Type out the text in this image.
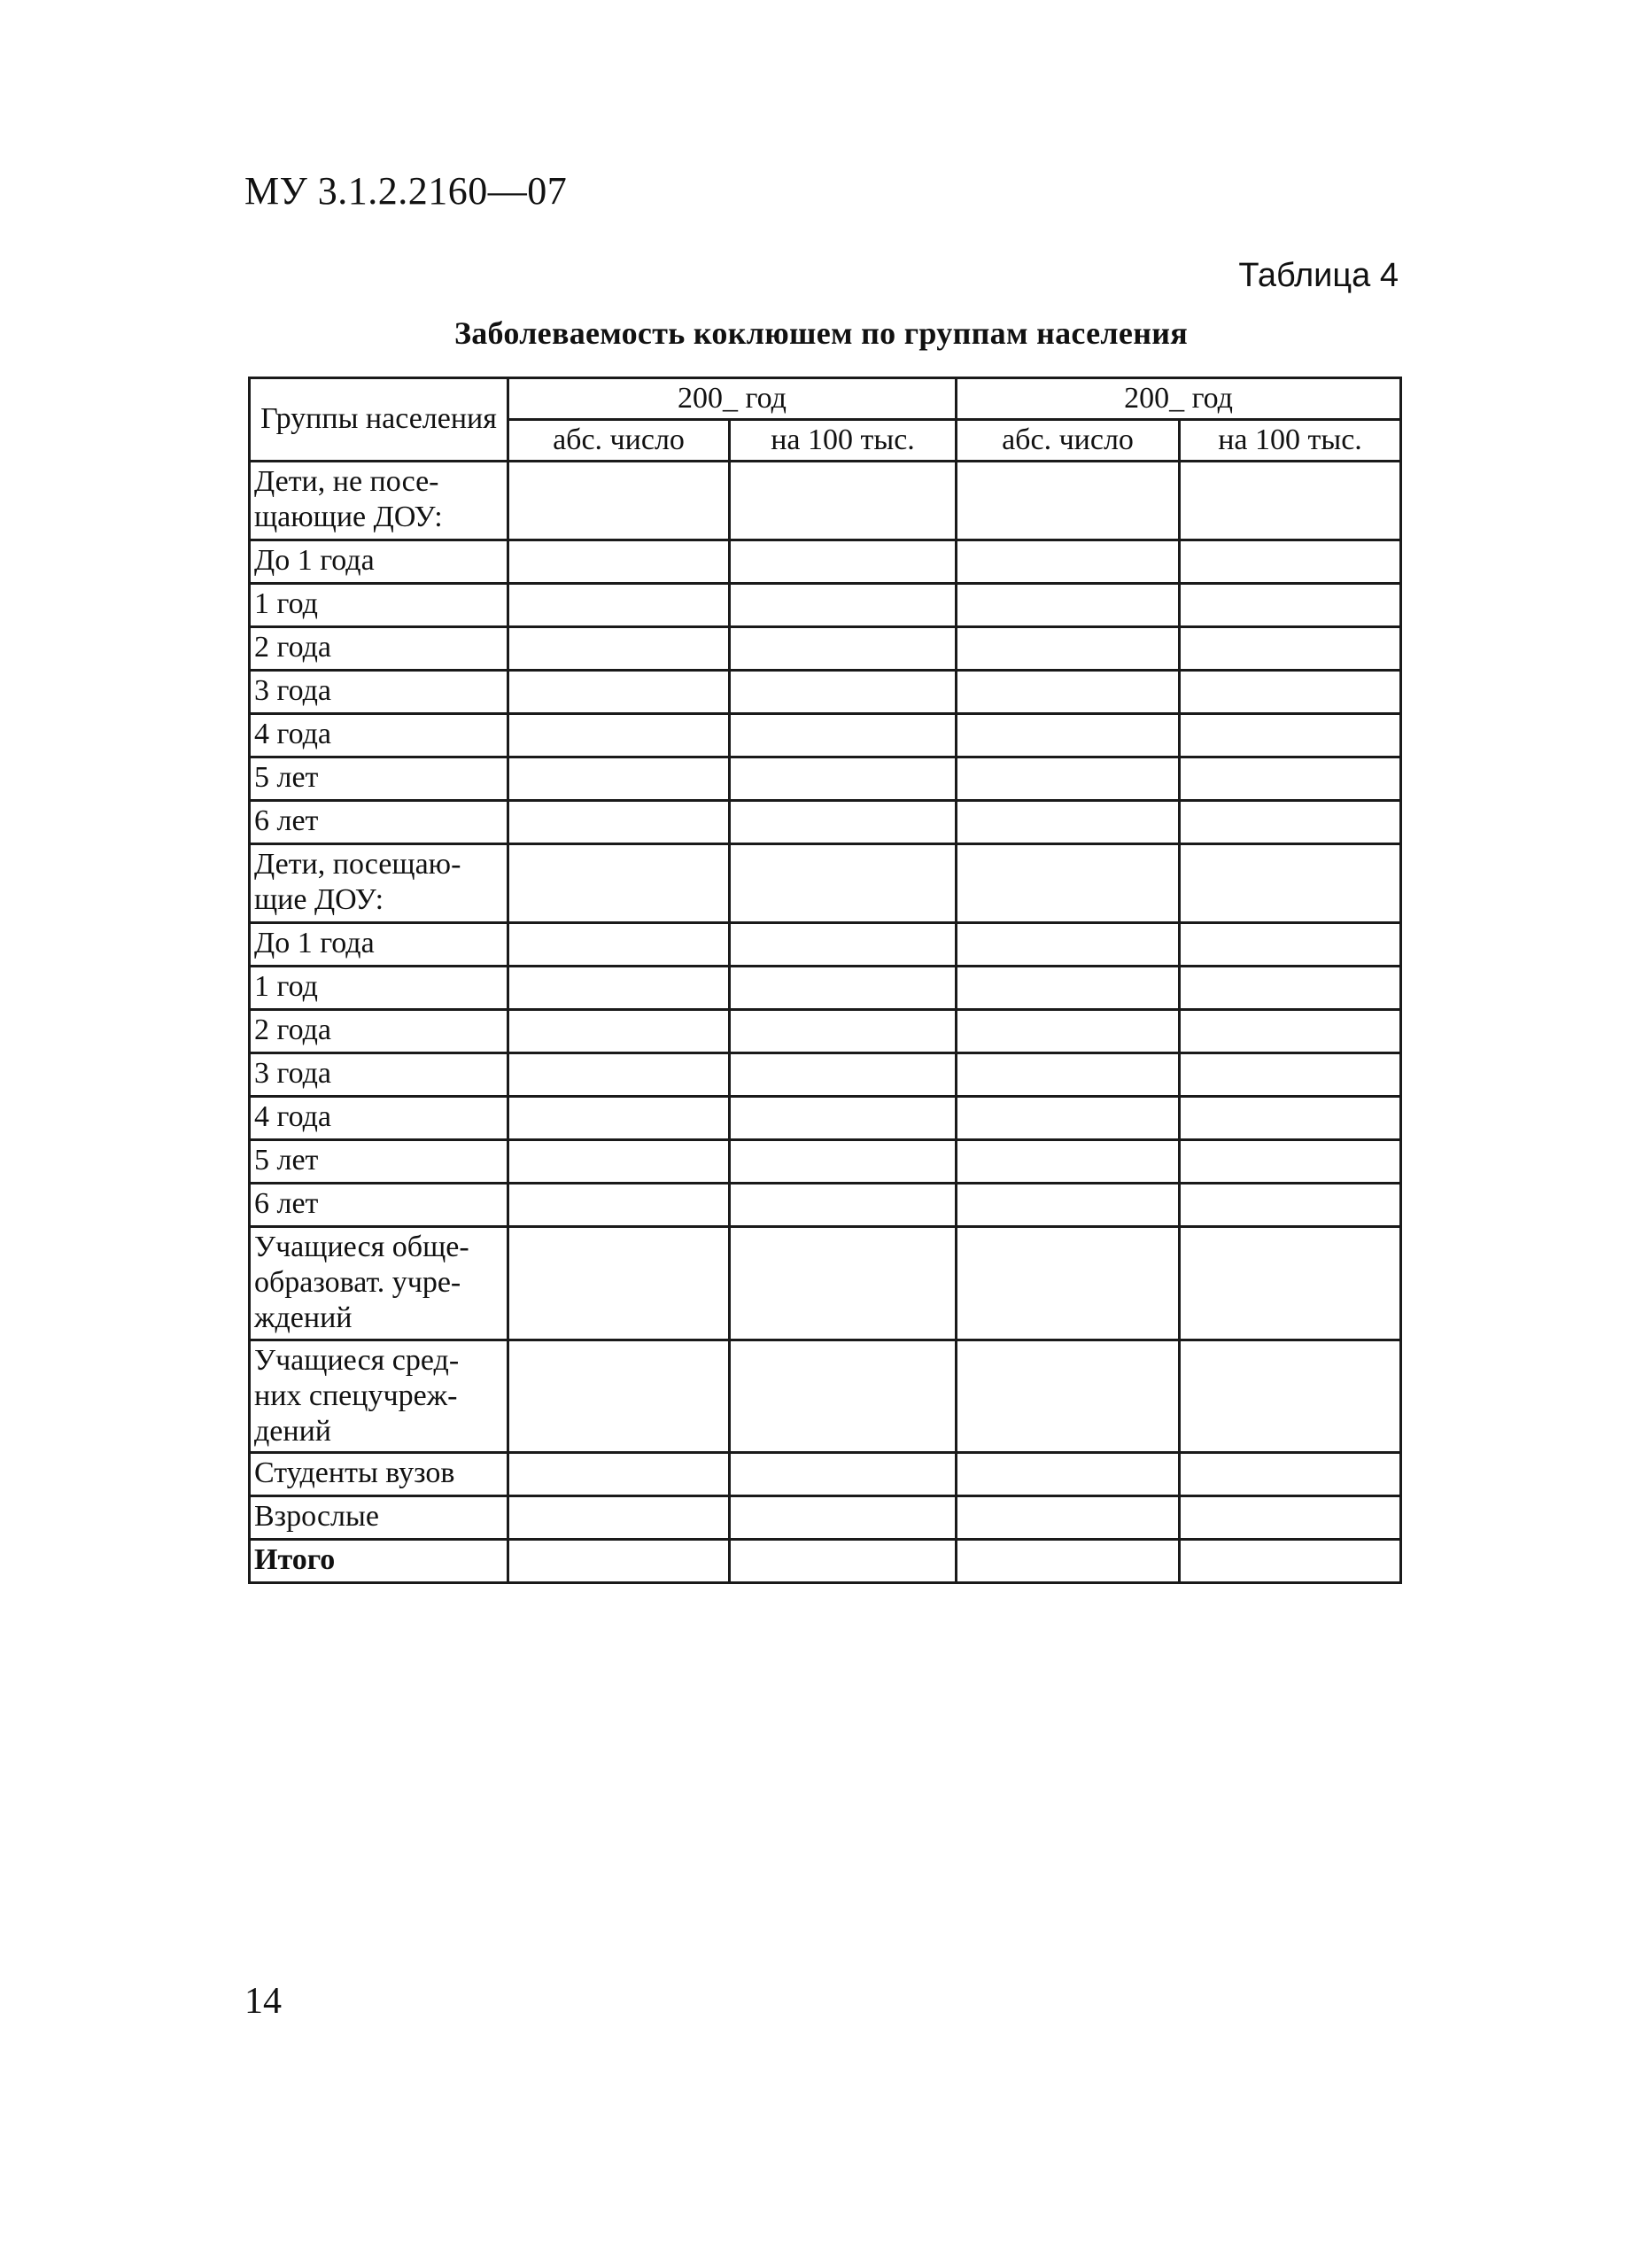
МУ 3.1.2.2160—07
Таблица 4
Заболеваемость коклюшем по группам населения
Группы населения	200_ год		200_ год	
	абс. число	на 100 тыс.	абс. число	на 100 тыс.
Дети, не посе-щающие ДОУ:				
До 1 года				
1 год				
2 года				
3 года				
4 года				
5 лет				
6 лет				
Дети, посещаю-щие ДОУ:				
До 1 года				
1 год				
2 года				
3 года				
4 года				
5 лет				
6 лет				
Учащиеся обще-образоват. учре-ждений				
Учащиеся сред-них спецучреж-дений				
Студенты вузов				
Взрослые				
Итого				
14
